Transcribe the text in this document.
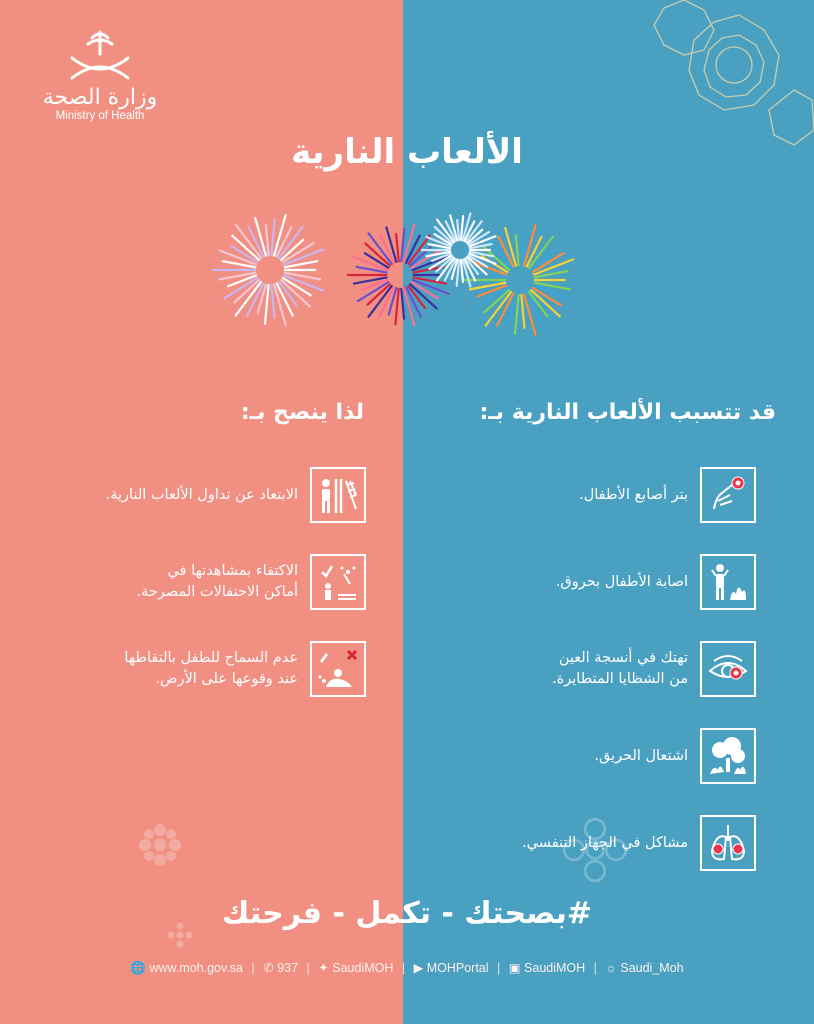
وزارة الصحة
Ministry of Health
الألعاب النارية
قد تتسبب الألعاب النارية بـ:
لذا ينصح بـ:
بتر أصابع الأطفال.
اصابة الأطفال بحروق.
تهتك في أنسجة العين
من الشظايا المتطايرة.
اشتعال الحريق.
مشاكل في الجهاز التنفسي.
الابتعاد عن تداول الألعاب النارية.
الاكتفاء بمشاهدتها في
أماكن الاحتفالات المصرحة.
عدم السماح للطفل بالتقاطها
عند وقوعها على الأرض.
#بصحتك - تكمل - فرحتك
🌐 www.moh.gov.sa | ✆ 937 | ✦ SaudiMOH | ▶ MOHPortal | ▣ SaudiMOH | ☼ Saudi_Moh
